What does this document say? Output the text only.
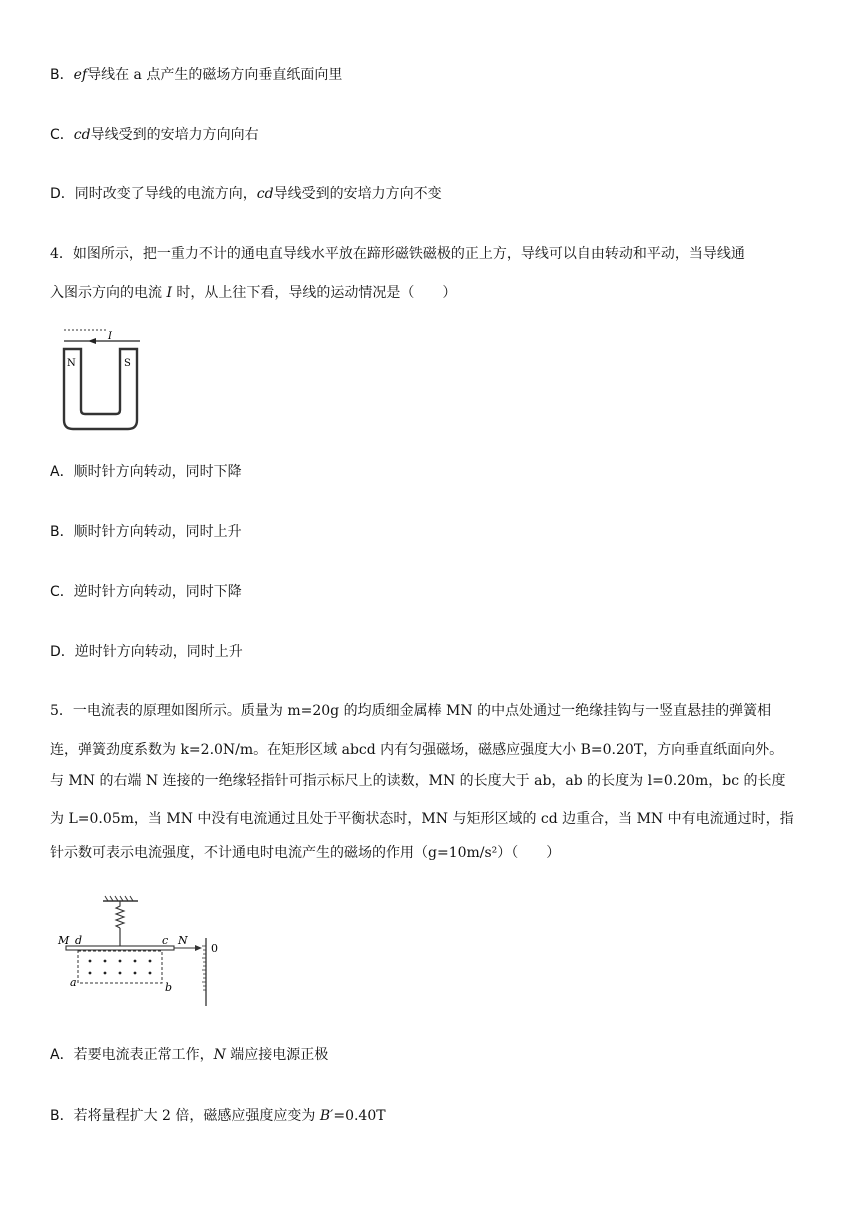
B．ef导线在 a 点产生的磁场方向垂直纸面向里
C．cd导线受到的安培力方向向右
D．同时改变了导线的电流方向，cd导线受到的安培力方向不变
4．如图所示，把一重力不计的通电直导线水平放在蹄形磁铁磁极的正上方，导线可以自由转动和平动，当导线通
入图示方向的电流 I 时，从上往下看，导线的运动情况是（　　）
I
N	S
A．顺时针方向转动，同时下降
B．顺时针方向转动，同时上升
C．逆时针方向转动，同时下降
D．逆时针方向转动，同时上升
5．一电流表的原理如图所示。质量为 m=20g 的均质细金属棒 MN 的中点处通过一绝缘挂钩与一竖直悬挂的弹簧相
连，弹簧劲度系数为 k=2.0N/m。在矩形区域 abcd 内有匀强磁场，磁感应强度大小 B=0.20T，方向垂直纸面向外。
与 MN 的右端 N 连接的一绝缘轻指针可指示标尺上的读数，MN 的长度大于 ab，ab 的长度为 l=0.20m，bc 的长度
为 L=0.05m，当 MN 中没有电流通过且处于平衡状态时，MN 与矩形区域的 cd 边重合，当 MN 中有电流通过时，指
针示数可表示电流强度，不计通电时电流产生的磁场的作用（g=10m/s²）（　　）
M d	c N
0
a	b
A．若要电流表正常工作，N 端应接电源正极
B．若将量程扩大 2 倍，磁感应强度应变为 B′=0.40T
